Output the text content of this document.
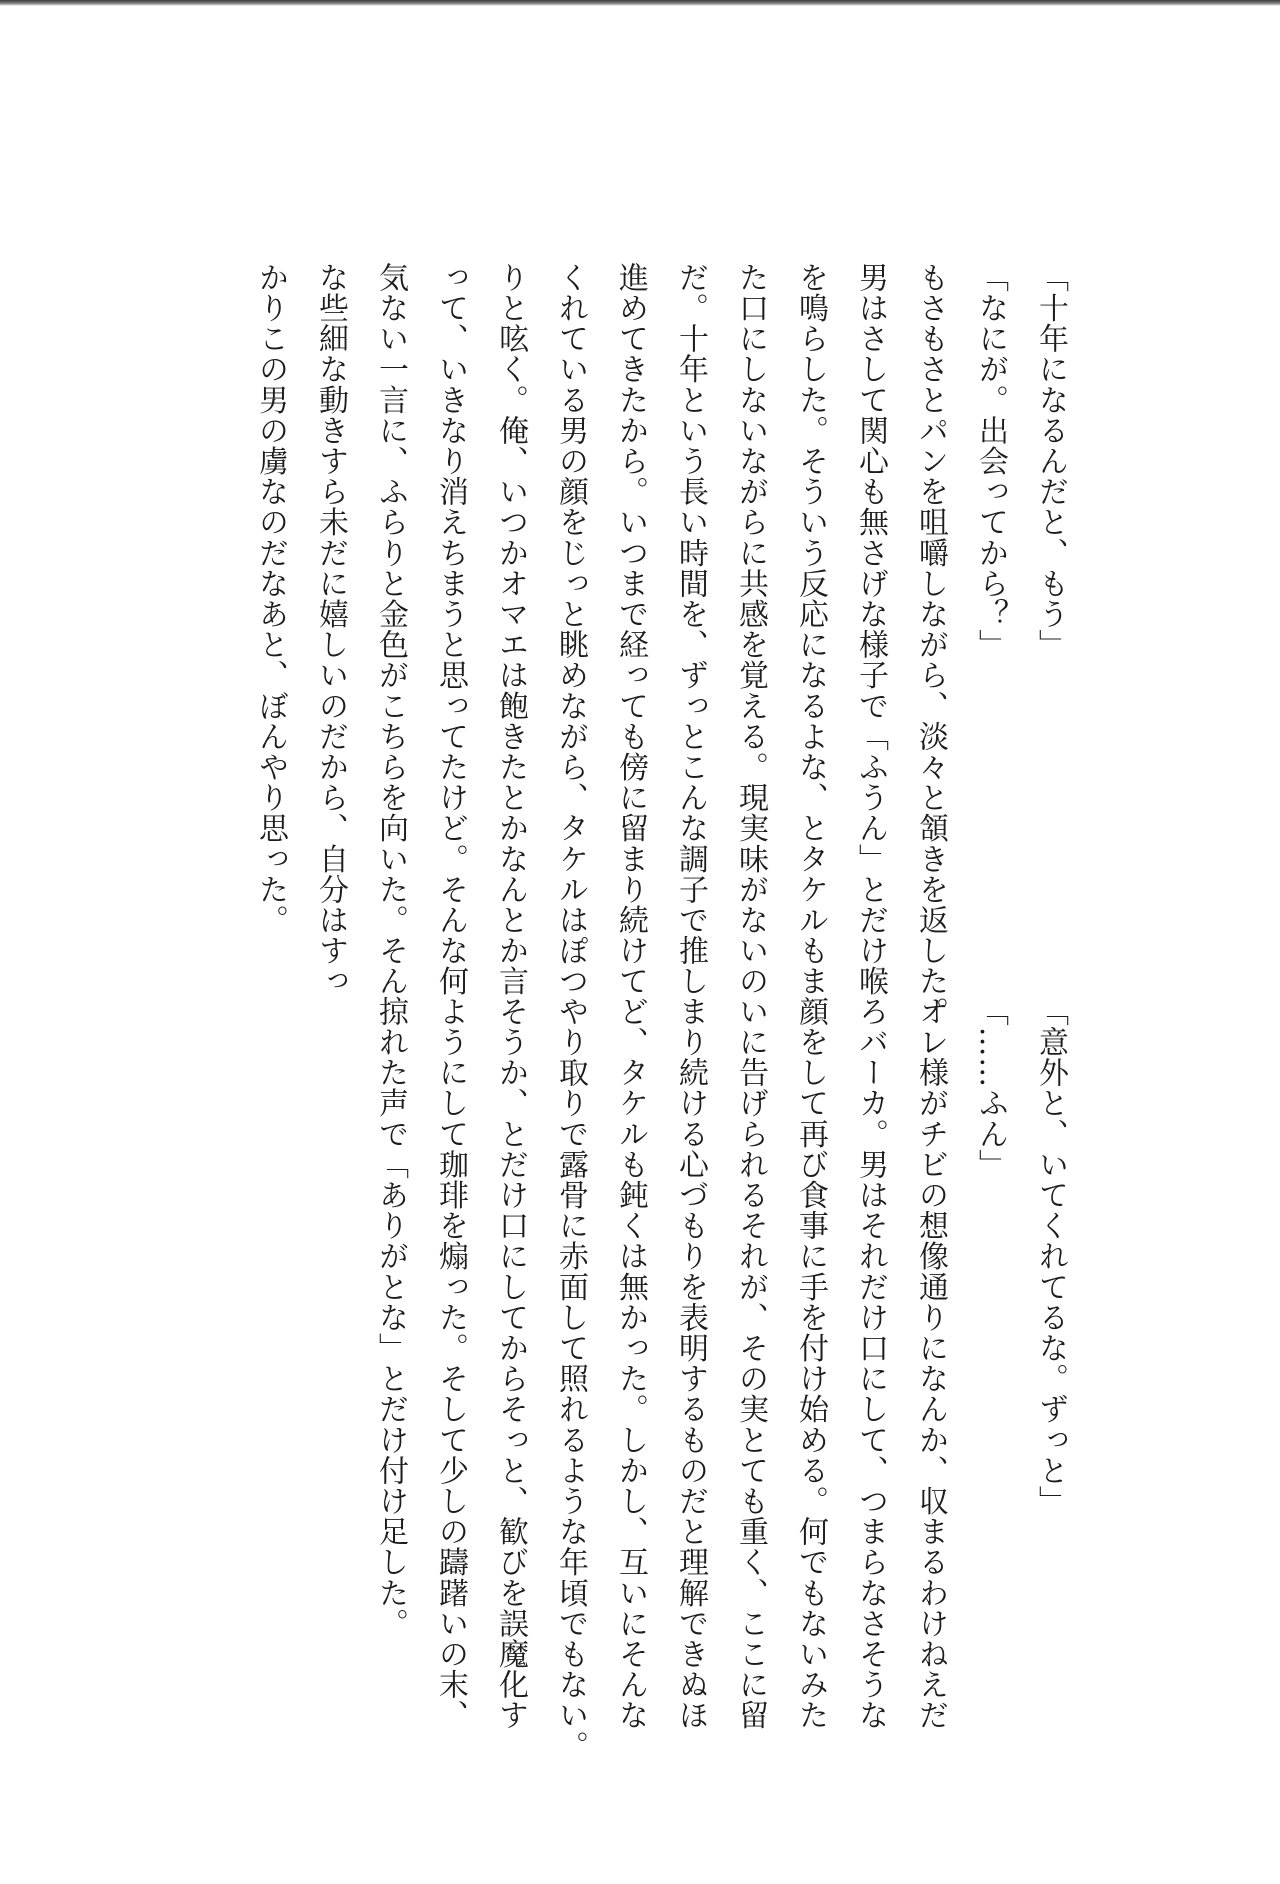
「十年になるんだと、もう」
「なにが。出会ってから？」
もさもさとパンを咀嚼しながら、淡々と頷きを返した。
男はさして関心も無さげな様子で「ふうん」とだけ喉
を鳴らした。そういう反応になるよな、とタケルもま
た口にしないながらに共感を覚える。現実味がないの
だ。十年という長い時間を、ずっとこんな調子で推し
進めてきたから。いつまで経っても傍に留まり続けて
くれている男の顔をじっと眺めながら、タケルはぽつ
りと呟く。俺、いつかオマエは飽きたとかなんとか言
って、いきなり消えちまうと思ってたけど。そんな何
気ない一言に、ふらりと金色がこちらを向いた。そん
な些細な動きすら未だに嬉しいのだから、自分はすっ
かりこの男の虜なのだなあと、ぼんやり思った。
「意外と、いてくれてるな。ずっと」
「……ふん」
オレ様がチビの想像通りになんか、収まるわけねえだ
ろバーカ。男はそれだけ口にして、つまらなさそうな
顔をして再び食事に手を付け始める。何でもないみた
いに告げられるそれが、その実とても重く、ここに留
まり続ける心づもりを表明するものだと理解できぬほ
ど、タケルも鈍くは無かった。しかし、互いにそんな
やり取りで露骨に赤面して照れるような年頃でもない。
そうか、とだけ口にしてからそっと、歓びを誤魔化す
ようにして珈琲を煽った。そして少しの躊躇いの末、
掠れた声で「ありがとな」とだけ付け足した。
